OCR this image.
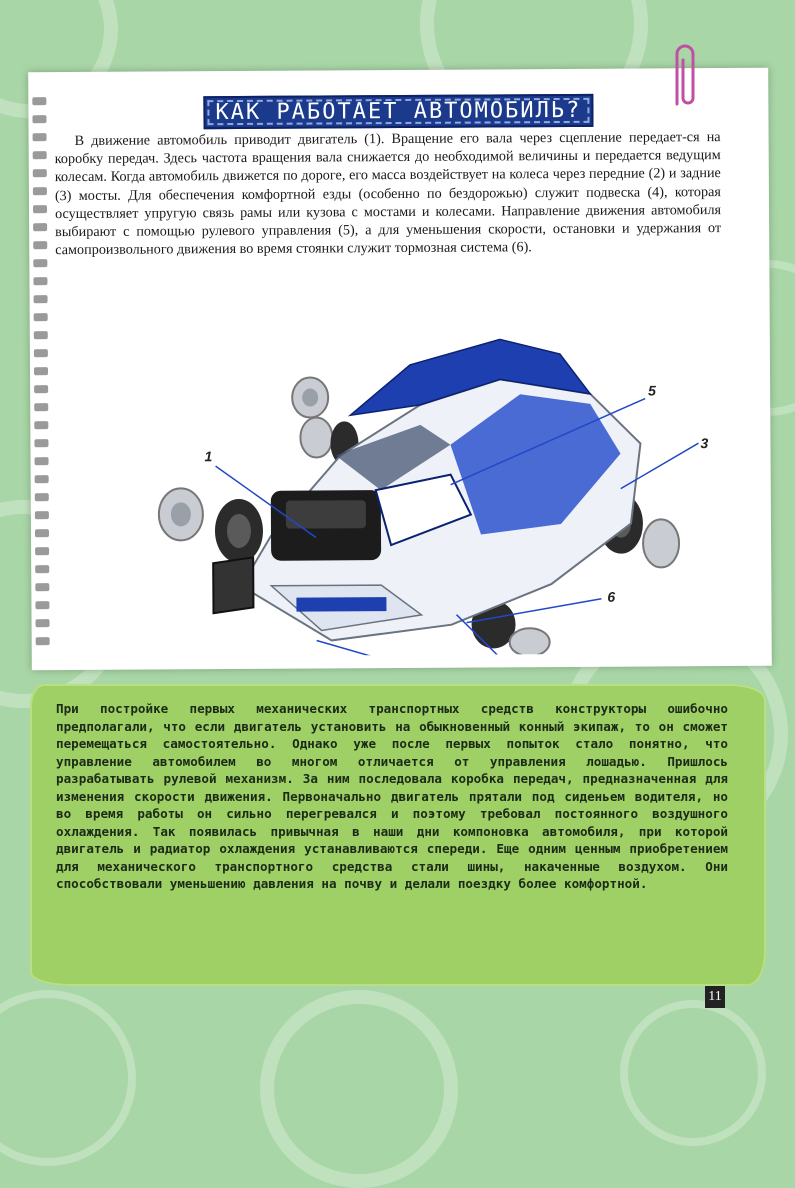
КАК РАБОТАЕТ АВТОМОБИЛЬ?
В движение автомобиль приводит двигатель (1). Вращение его вала через сцепление передает-ся на коробку передач. Здесь частота вращения вала снижается до необходимой величины и передается ведущим колесам. Когда автомобиль движется по дороге, его масса воздействует на колеса через передние (2) и задние (3) мосты. Для обеспечения комфортной езды (особенно по бездорожью) служит подвеска (4), которая осуществляет упругую связь рамы или кузова с мостами и колесами. Направление движения автомобиля выбирают с помощью рулевого управления (5), а для уменьшения скорости, остановки и удержания от самопроизвольного движения во время стоянки служит тормозная система (6).
1
3
5
6
При постройке первых механических транспортных средств конструкторы ошибочно предполагали, что если двигатель установить на обыкновенный конный экипаж, то он сможет перемещаться самостоятельно. Однако уже после первых попыток стало понятно, что управление автомобилем во многом отличается от управления лошадью. Пришлось разрабатывать рулевой механизм. За ним последовала коробка передач, предназначенная для изменения скорости движения. Первоначально двигатель прятали под сиденьем водителя, но во время работы он сильно перегревался и поэтому требовал постоянного воздушного охлаждения. Так появилась привычная в наши дни компоновка автомобиля, при которой двигатель и радиатор охлаждения устанавливаются спереди. Еще одним ценным приобретением для механического транспортного средства стали шины, накаченные воздухом. Они способствовали уменьшению давления на почву и делали поездку более комфортной.
11
